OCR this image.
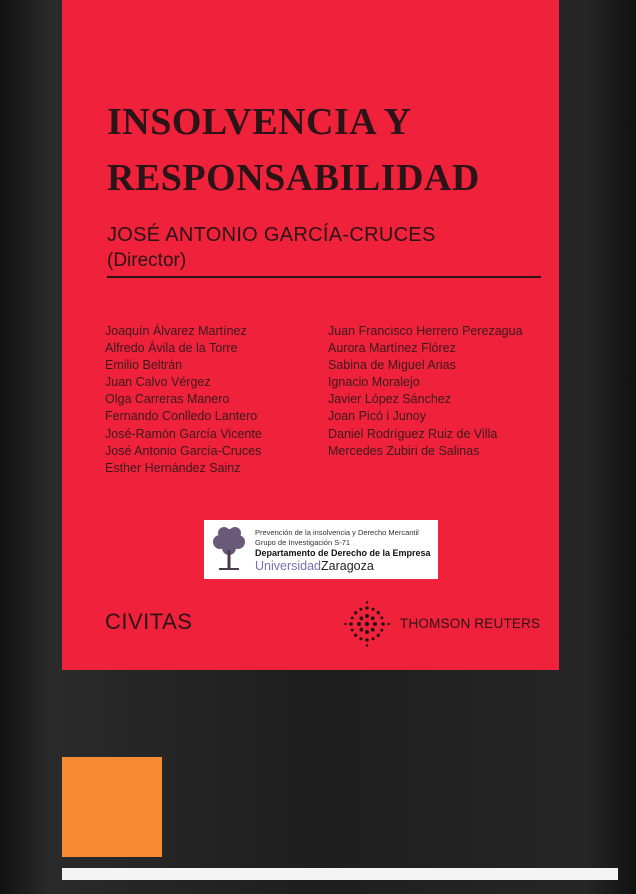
INSOLVENCIA Y
RESPONSABILIDAD
JOSÉ ANTONIO GARCÍA-CRUCES
(Director)
Joaquín Álvarez Martínez
Alfredo Ávila de la Torre
Emilio Beltrán
Juan Calvo Vérgez
Olga Carreras Manero
Fernando Conlledo Lantero
José-Ramón García Vicente
José Antonio García-Cruces
Esther Hernández Sainz
Juan Francisco Herrero Perezagua
Aurora Martínez Flórez
Sabina de Miguel Arias
Ignacio Moralejo
Javier López Sánchez
Joan Picó i Junoy
Daniel Rodríguez Ruiz de Villa
Mercedes Zubiri de Salinas
Prevención de la insolvencia y Derecho Mercantil
Grupo de Investigación S-71
Departamento de Derecho de la Empresa
UniversidadZaragoza
CIVITAS	THOMSON REUTERS
